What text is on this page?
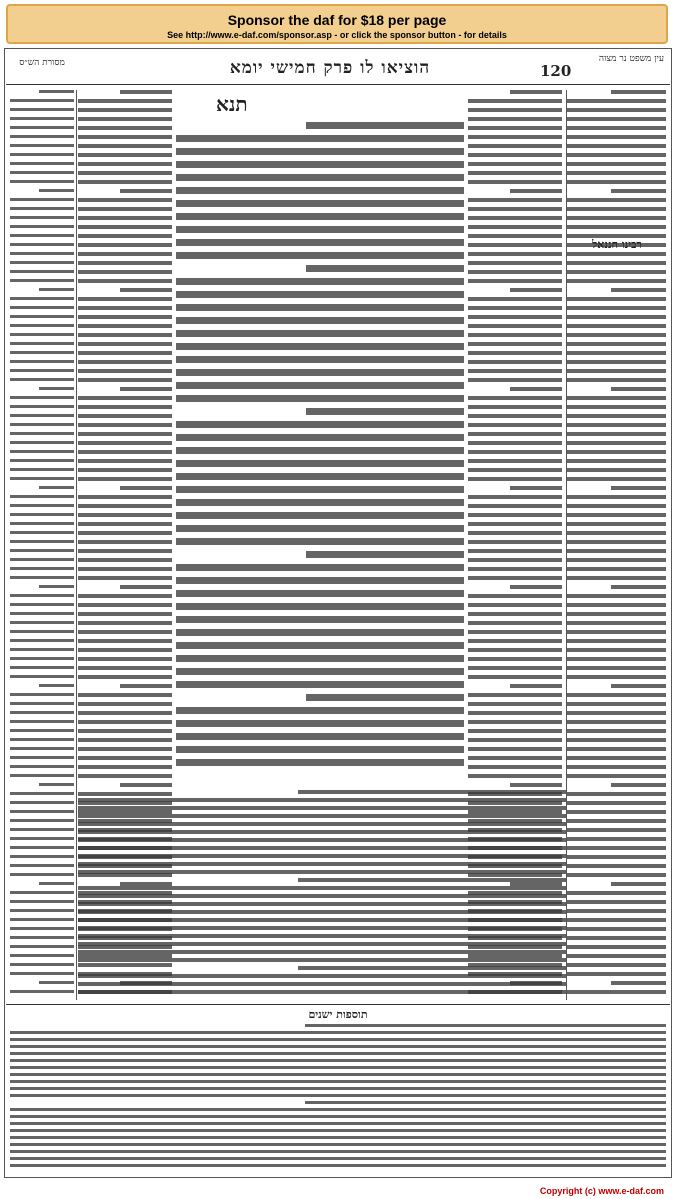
Sponsor the daf for $18 per page
See http://www.e-daf.com/sponsor.asp - or click the sponsor button - for details
עין משפט נר מצוה
120
הוציאו לו פרק חמישי יומא
מסורת הש״ס
תנא
רבינו חננאל
תוספות ישנים
Copyright (c) www.e-daf.com
